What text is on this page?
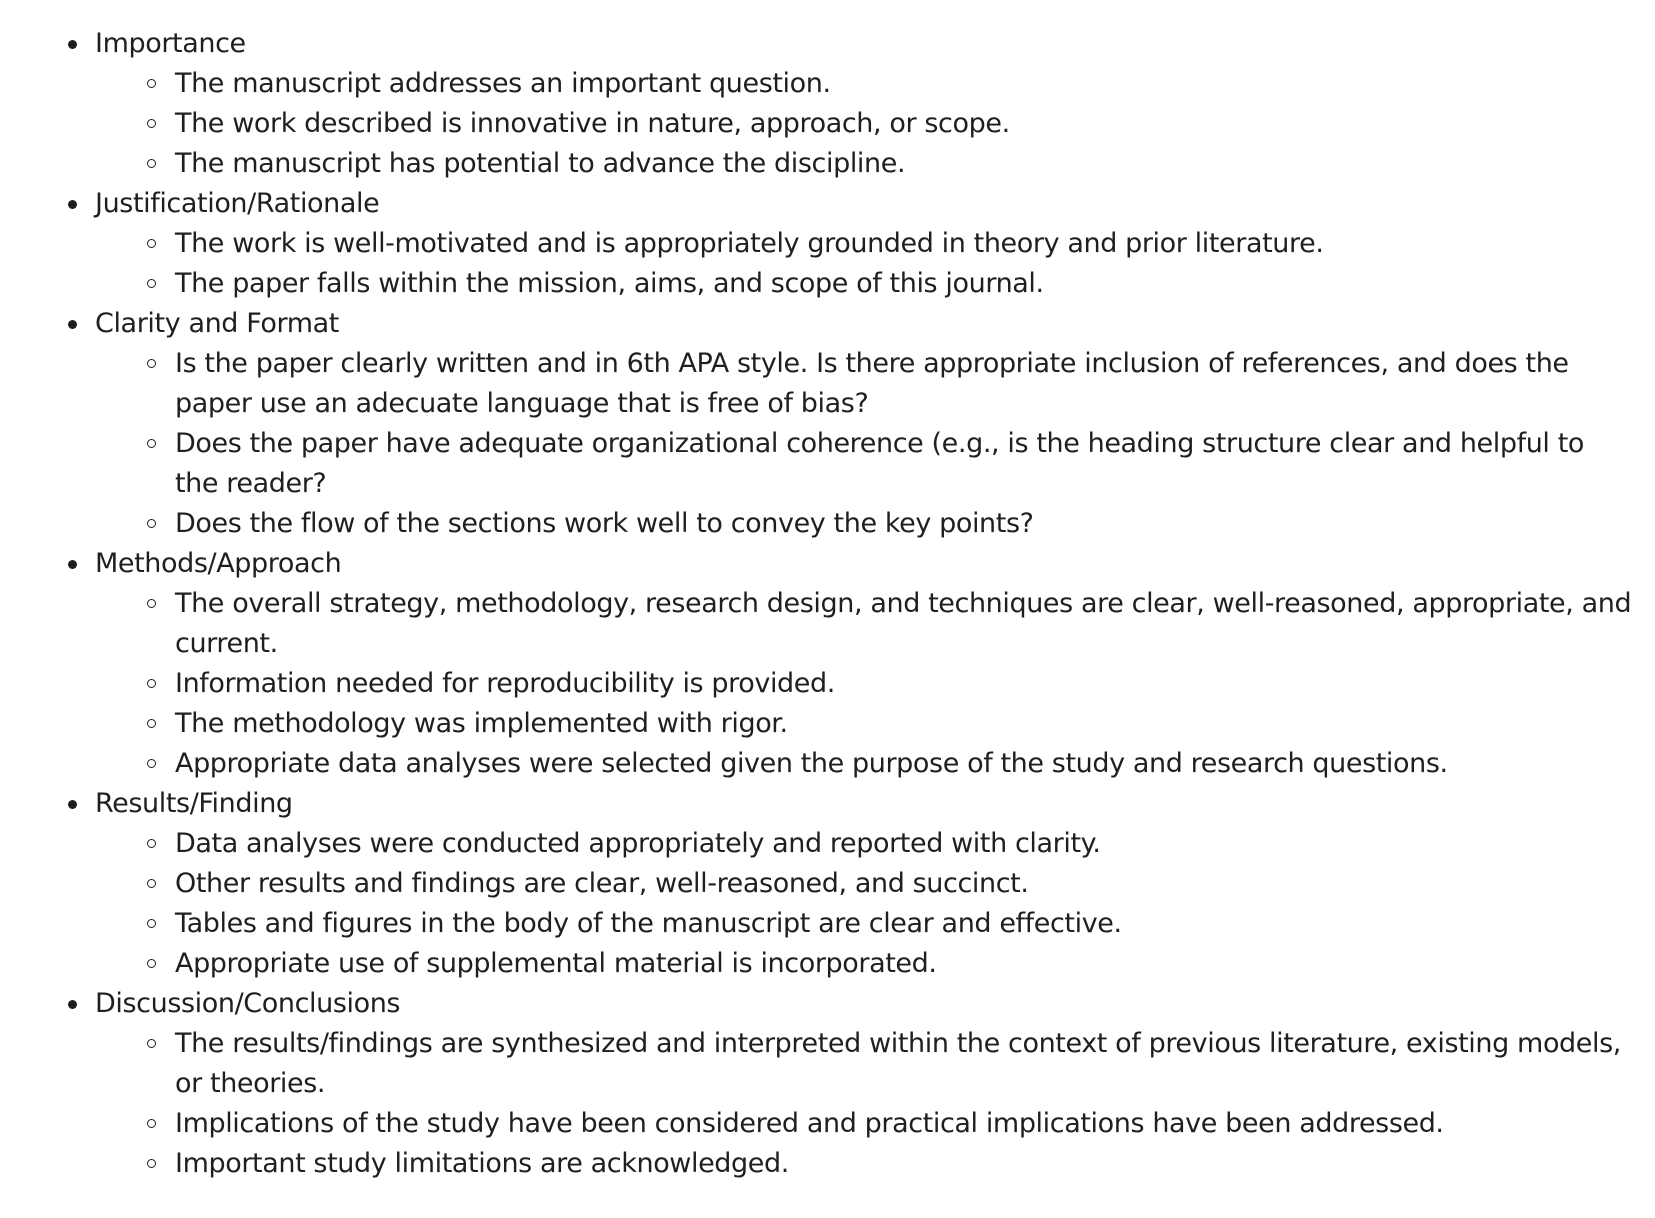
Importance
The manuscript addresses an important question.
The work described is innovative in nature, approach, or scope.
The manuscript has potential to advance the discipline.
Justification/Rationale
The work is well-motivated and is appropriately grounded in theory and prior literature.
The paper falls within the mission, aims, and scope of this journal.
Clarity and Format
Is the paper clearly written and in 6th APA style. Is there appropriate inclusion of references, and does the paper use an adecuate language that is free of bias?
Does the paper have adequate organizational coherence (e.g., is the heading structure clear and helpful to the reader?
Does the flow of the sections work well to convey the key points?
Methods/Approach
The overall strategy, methodology, research design, and techniques are clear, well-reasoned, appropriate, and current.
Information needed for reproducibility is provided.
The methodology was implemented with rigor.
Appropriate data analyses were selected given the purpose of the study and research questions.
Results/Finding
Data analyses were conducted appropriately and reported with clarity.
Other results and findings are clear, well-reasoned, and succinct.
Tables and figures in the body of the manuscript are clear and effective.
Appropriate use of supplemental material is incorporated.
Discussion/Conclusions
The results/findings are synthesized and interpreted within the context of previous literature, existing models, or theories.
Implications of the study have been considered and practical implications have been addressed.
Important study limitations are acknowledged.
